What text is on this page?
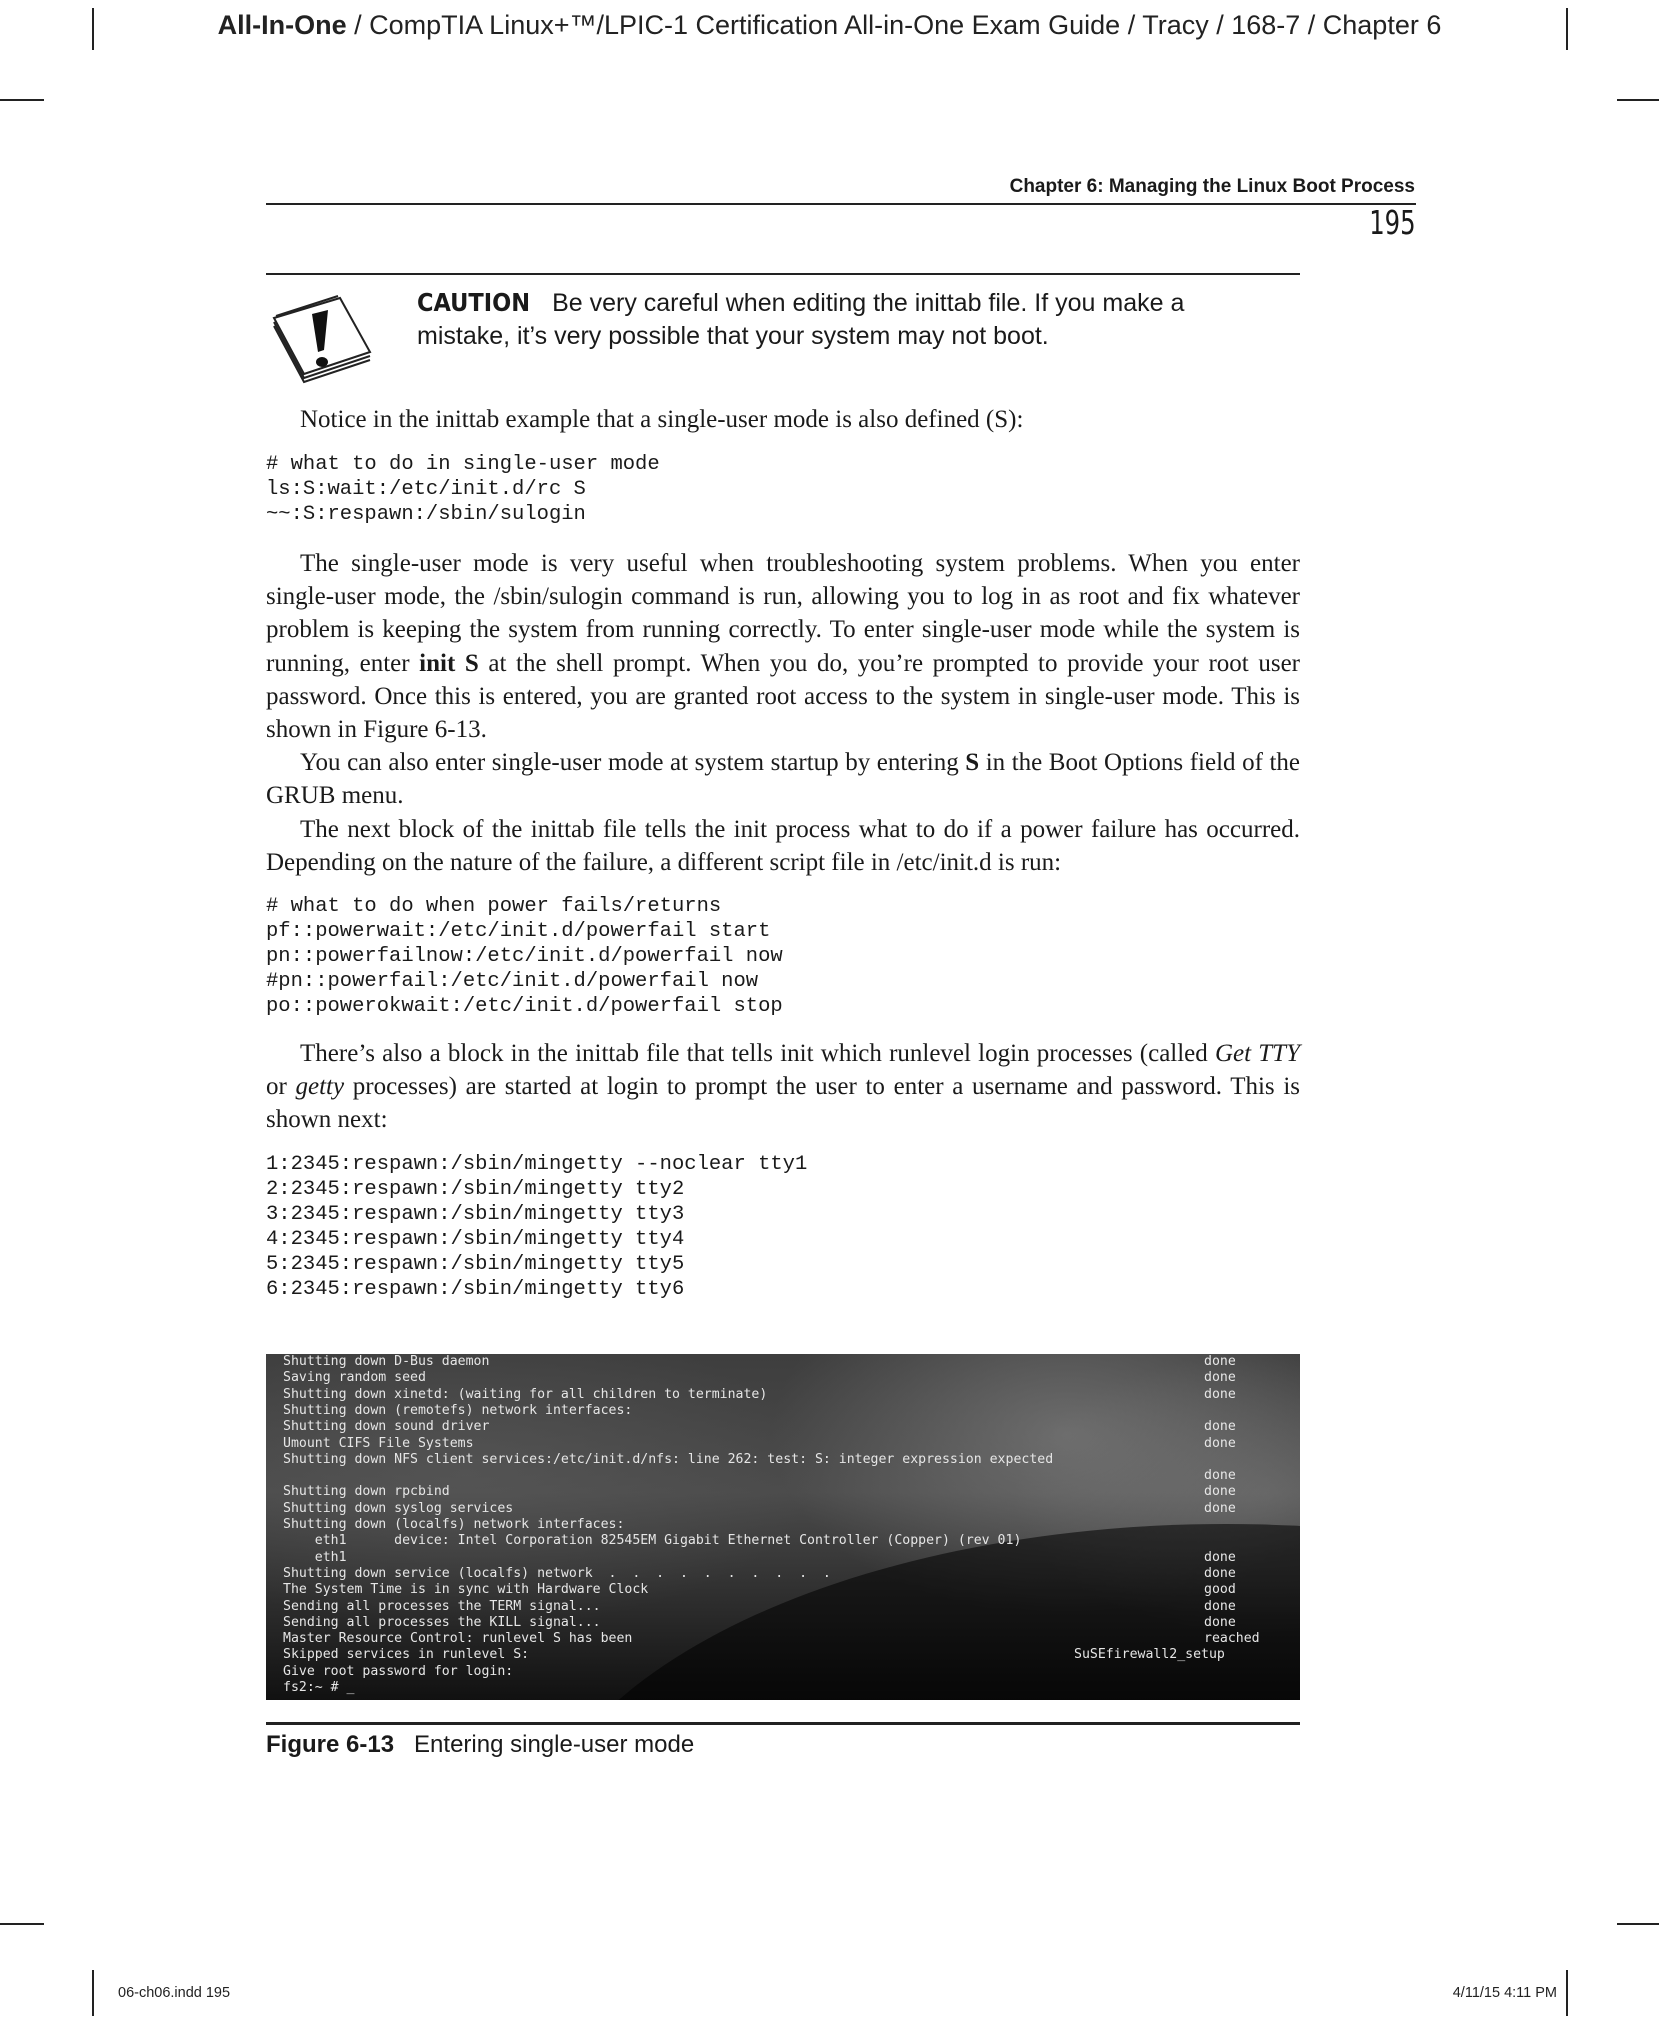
All-In-One / CompTIA Linux+™/LPIC-1 Certification All-in-One Exam Guide / Tracy / 168-7 / Chapter 6
Chapter 6: Managing the Linux Boot Process
195
CAUTION Be very careful when editing the inittab file. If you make a mistake, it’s very possible that your system may not boot.

Notice in the inittab example that a single-user mode is also defined (S):

# what to do in single-user mode
ls:S:wait:/etc/init.d/rc S
~~:S:respawn:/sbin/sulogin

The single-user mode is very useful when troubleshooting system problems. When you enter single-user mode, the /sbin/sulogin command is run, allowing you to log in as root and fix whatever problem is keeping the system from running correctly. To enter single-user mode while the system is running, enter init S at the shell prompt. When you do, you’re prompted to provide your root user password. Once this is entered, you are granted root access to the system in single-user mode. This is shown in Figure 6-13.

You can also enter single-user mode at system startup by entering S in the Boot Options field of the GRUB menu.

The next block of the inittab file tells the init process what to do if a power failure has occurred. Depending on the nature of the failure, a different script file in /etc/init.d is run:

# what to do when power fails/returns
pf::powerwait:/etc/init.d/powerfail start
pn::powerfailnow:/etc/init.d/powerfail now
#pn::powerfail:/etc/init.d/powerfail now
po::powerokwait:/etc/init.d/powerfail stop

There’s also a block in the inittab file that tells init which runlevel login processes (called Get TTY or getty processes) are started at login to prompt the user to enter a username and password. This is shown next:

1:2345:respawn:/sbin/mingetty --noclear tty1
2:2345:respawn:/sbin/mingetty tty2
3:2345:respawn:/sbin/mingetty tty3
4:2345:respawn:/sbin/mingetty tty4
5:2345:respawn:/sbin/mingetty tty5
6:2345:respawn:/sbin/mingetty tty6
Shutting down D-Bus daemon	done
Saving random seed	done
Shutting down xinetd: (waiting for all children to terminate)	done
Shutting down (remotefs) network interfaces:
Shutting down sound driver	done
Umount CIFS File Systems	done
Shutting down NFS client services:/etc/init.d/nfs: line 262: test: S: integer expression expected
done
Shutting down rpcbind	done
Shutting down syslog services	done
Shutting down (localfs) network interfaces:
eth1      device: Intel Corporation 82545EM Gigabit Ethernet Controller (Copper) (rev 01)
eth1	done
Shutting down service (localfs) network  .  .  .  .  .  .  .  .  .  .	done
The System Time is in sync with Hardware Clock	good
Sending all processes the TERM signal...	done
Sending all processes the KILL signal...	done
Master Resource Control: runlevel S has been	reached
Skipped services in runlevel S:	SuSEfirewall2_setup
Give root password for login:
fs2:~ # _
Figure 6-13 Entering single-user mode
06-ch06.indd 195	4/11/15 4:11 PM
